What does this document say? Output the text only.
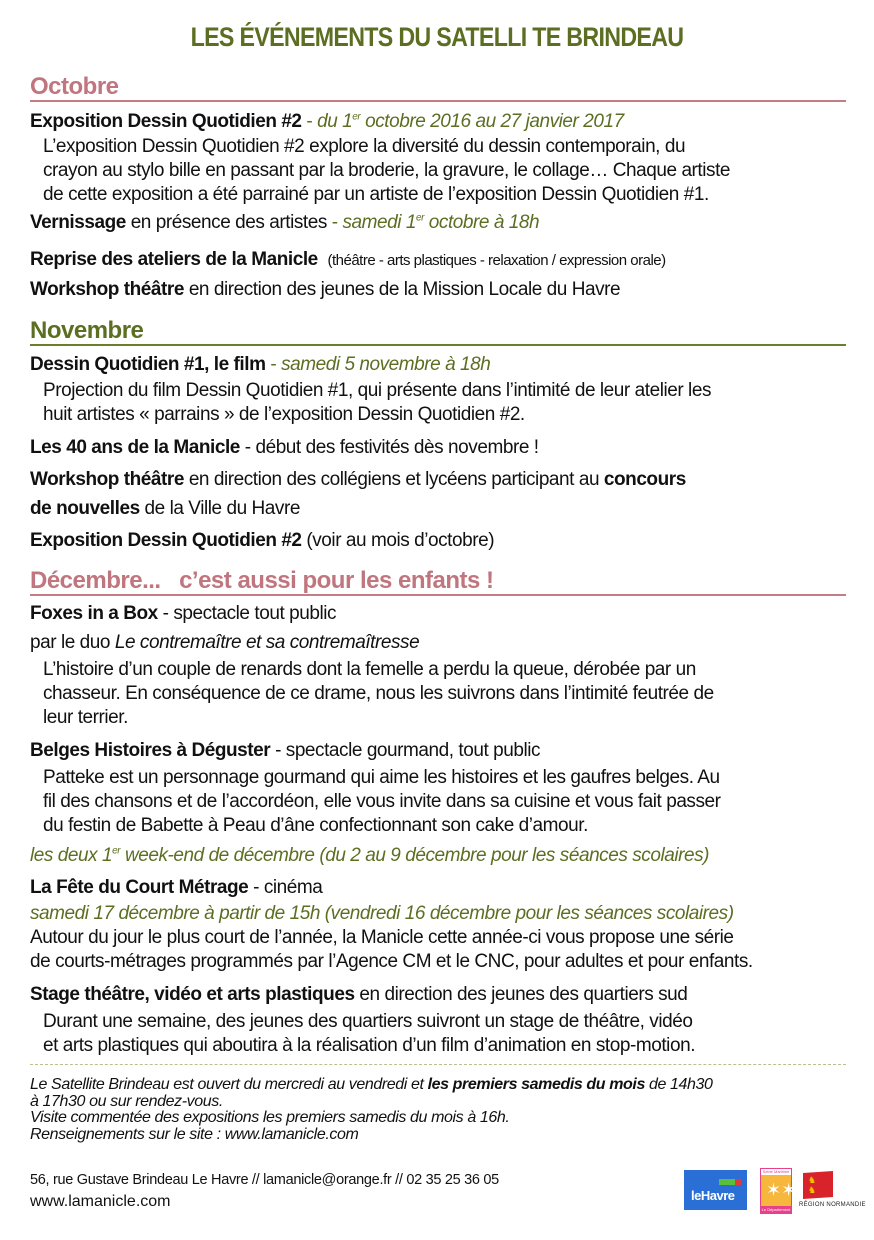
LES ÉVÉNEMENTS DU SATELLI TE BRINDEAU
Octobre
Exposition Dessin Quotidien #2 - du 1er octobre 2016 au 27 janvier 2017
L’exposition Dessin Quotidien #2 explore la diversité du dessin contemporain, du
crayon au stylo bille en passant par la broderie, la gravure, le collage… Chaque artiste
de cette exposition a été parrainé par un artiste de l’exposition Dessin Quotidien #1.
Vernissage en présence des artistes - samedi 1er octobre à 18h
Reprise des ateliers de la Manicle (théâtre - arts plastiques - relaxation / expression orale)
Workshop théâtre en direction des jeunes de la Mission Locale du Havre
Novembre
Dessin Quotidien #1, le film - samedi 5 novembre à 18h
Projection du film Dessin Quotidien #1, qui présente dans l’intimité de leur atelier les
huit artistes « parrains » de l’exposition Dessin Quotidien #2.
Les 40 ans de la Manicle - début des festivités dès novembre !
Workshop théâtre en direction des collégiens et lycéens participant au concours
de nouvelles de la Ville du Havre
Exposition Dessin Quotidien #2 (voir au mois d’octobre)
Décembre...   c’est aussi pour les enfants !
Foxes in a Box - spectacle tout public
par le duo Le contremaître et sa contremaîtresse
L’histoire d’un couple de renards dont la femelle a perdu la queue, dérobée par un
chasseur. En conséquence de ce drame, nous les suivrons dans l’intimité feutrée de
leur terrier.
Belges Histoires à Déguster - spectacle gourmand, tout public
Patteke est un personnage gourmand qui aime les histoires et les gaufres belges. Au
fil des chansons et de l’accordéon, elle vous invite dans sa cuisine et vous fait passer
du festin de Babette à Peau d’âne confectionnant son cake d’amour.
les deux 1er week-end de décembre (du 2 au 9 décembre pour les séances scolaires)
La Fête du Court Métrage - cinéma
samedi 17 décembre à partir de 15h (vendredi 16 décembre pour les séances scolaires)
Autour du jour le plus court de l’année, la Manicle cette année-ci vous propose une série
de courts-métrages programmés par l’Agence CM et le CNC, pour adultes et pour enfants.
Stage théâtre, vidéo et arts plastiques en direction des jeunes des quartiers sud
Durant une semaine, des jeunes des quartiers suivront un stage de théâtre, vidéo
et arts plastiques qui aboutira à la réalisation d’un film d’animation en stop-motion.
Le Satellite Brindeau est ouvert du mercredi au vendredi et les premiers samedis du mois de 14h30
à 17h30 ou sur rendez-vous.
Visite commentée des expositions les premiers samedis du mois à 16h.
Renseignements sur le site : www.lamanicle.com
56, rue Gustave Brindeau Le Havre // lamanicle@orange.fr // 02 35 25 36 05
www.lamanicle.com	leHavre
Seine Maritime
✶✶
Le Département
♞
♞
RÉGION NORMANDIE
